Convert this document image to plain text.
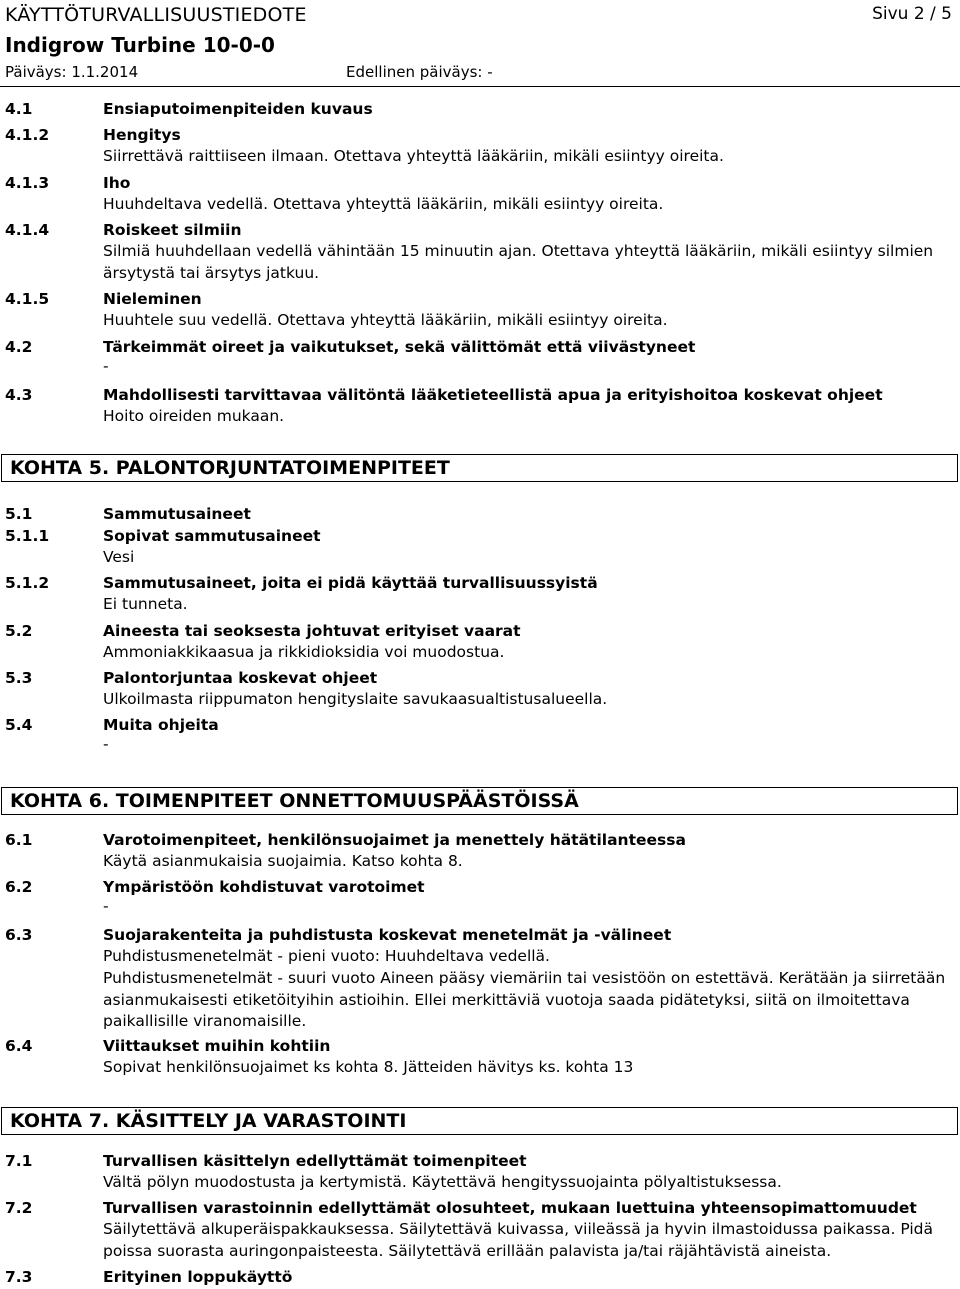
KÄYTTÖTURVALLISUUSTIEDOTE	Sivu 2 / 5
Indigrow Turbine 10-0-0
Päiväys: 1.1.2014	Edellinen päiväys: -
4.1	Ensiaputoimenpiteiden kuvaus
4.1.2	Hengitys
Siirrettävä raittiiseen ilmaan. Otettava yhteyttä lääkäriin, mikäli esiintyy oireita.
4.1.3	Iho
Huuhdeltava vedellä. Otettava yhteyttä lääkäriin, mikäli esiintyy oireita.
4.1.4	Roiskeet silmiin
Silmiä huuhdellaan vedellä vähintään 15 minuutin ajan. Otettava yhteyttä lääkäriin, mikäli esiintyy silmien ärsytystä tai ärsytys jatkuu.
4.1.5	Nieleminen
Huuhtele suu vedellä. Otettava yhteyttä lääkäriin, mikäli esiintyy oireita.
4.2	Tärkeimmät oireet ja vaikutukset, sekä välittömät että viivästyneet
-
4.3	Mahdollisesti tarvittavaa välitöntä lääketieteellistä apua ja erityishoitoa koskevat ohjeet
Hoito oireiden mukaan.
KOHTA 5. PALONTORJUNTATOIMENPITEET
5.1	Sammutusaineet
5.1.1	Sopivat sammutusaineet
Vesi
5.1.2	Sammutusaineet, joita ei pidä käyttää turvallisuussyistä
Ei tunneta.
5.2	Aineesta tai seoksesta johtuvat erityiset vaarat
Ammoniakkikaasua ja rikkidioksidia voi muodostua.
5.3	Palontorjuntaa koskevat ohjeet
Ulkoilmasta riippumaton hengityslaite savukaasualtistusalueella.
5.4	Muita ohjeita
-
KOHTA 6. TOIMENPITEET ONNETTOMUUSPÄÄSTÖISSÄ
6.1	Varotoimenpiteet, henkilönsuojaimet ja menettely hätätilanteessa
Käytä asianmukaisia suojaimia. Katso kohta 8.
6.2	Ympäristöön kohdistuvat varotoimet
-
6.3	Suojarakenteita ja puhdistusta koskevat menetelmät ja -välineet
Puhdistusmenetelmät - pieni vuoto: Huuhdeltava vedellä.
Puhdistusmenetelmät - suuri vuoto Aineen pääsy viemäriin tai vesistöön on estettävä. Kerätään ja siirretään asianmukaisesti etiketöityihin astioihin. Ellei merkittäviä vuotoja saada pidätetyksi, siitä on ilmoitettava paikallisille viranomaisille.
6.4	Viittaukset muihin kohtiin
Sopivat henkilönsuojaimet ks kohta 8. Jätteiden hävitys ks. kohta 13
KOHTA 7. KÄSITTELY JA VARASTOINTI
7.1	Turvallisen käsittelyn edellyttämät toimenpiteet
Vältä pölyn muodostusta ja kertymistä. Käytettävä hengityssuojainta pölyaltistuksessa.
7.2	Turvallisen varastoinnin edellyttämät olosuhteet, mukaan luettuina yhteensopimattomuudet
Säilytettävä alkuperäispakkauksessa. Säilytettävä kuivassa, viileässä ja hyvin ilmastoidussa paikassa. Pidä poissa suorasta auringonpaisteesta. Säilytettävä erillään palavista ja/tai räjähtävistä aineista.
7.3	Erityinen loppukäyttö
